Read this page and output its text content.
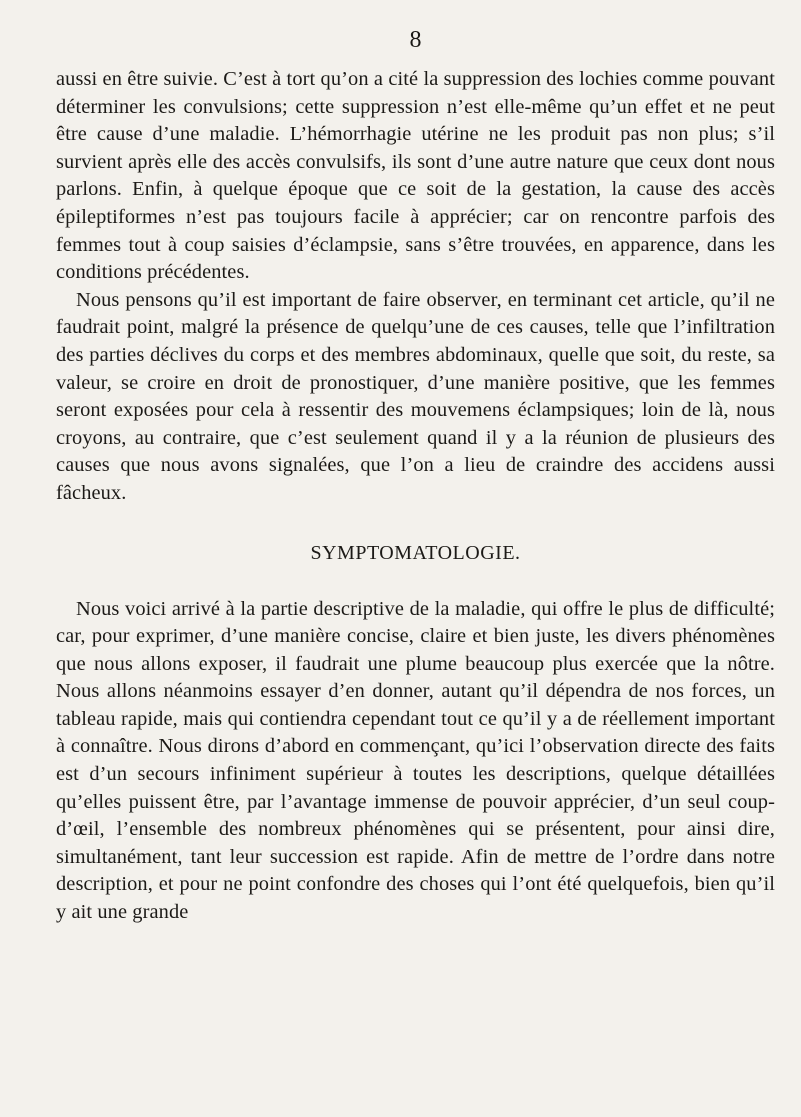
8

aussi en être suivie. C’est à tort qu’on a cité la suppression des lochies comme pouvant déterminer les convulsions; cette suppression n’est elle-même qu’un effet et ne peut être cause d’une maladie. L’hémorrhagie utérine ne les produit pas non plus; s’il survient après elle des accès convulsifs, ils sont d’une autre nature que ceux dont nous parlons. Enfin, à quelque époque que ce soit de la gestation, la cause des accès épileptiformes n’est pas toujours facile à apprécier; car on rencontre parfois des femmes tout à coup saisies d’éclampsie, sans s’être trouvées, en apparence, dans les conditions précédentes.

Nous pensons qu’il est important de faire observer, en terminant cet article, qu’il ne faudrait point, malgré la présence de quelqu’une de ces causes, telle que l’infiltration des parties déclives du corps et des membres abdominaux, quelle que soit, du reste, sa valeur, se croire en droit de pronostiquer, d’une manière positive, que les femmes seront exposées pour cela à ressentir des mouvemens éclampsiques; loin de là, nous croyons, au contraire, que c’est seulement quand il y a la réunion de plusieurs des causes que nous avons signalées, que l’on a lieu de craindre des accidens aussi fâcheux.

SYMPTOMATOLOGIE.

Nous voici arrivé à la partie descriptive de la maladie, qui offre le plus de difficulté; car, pour exprimer, d’une manière concise, claire et bien juste, les divers phénomènes que nous allons exposer, il faudrait une plume beaucoup plus exercée que la nôtre. Nous allons néanmoins essayer d’en donner, autant qu’il dépendra de nos forces, un tableau rapide, mais qui contiendra cependant tout ce qu’il y a de réellement important à connaître. Nous dirons d’abord en commençant, qu’ici l’observation directe des faits est d’un secours infiniment supérieur à toutes les descriptions, quelque détaillées qu’elles puissent être, par l’avantage immense de pouvoir apprécier, d’un seul coup-d’œil, l’ensemble des nombreux phénomènes qui se présentent, pour ainsi dire, simultanément, tant leur succession est rapide. Afin de mettre de l’ordre dans notre description, et pour ne point confondre des choses qui l’ont été quelquefois, bien qu’il y ait une grande
